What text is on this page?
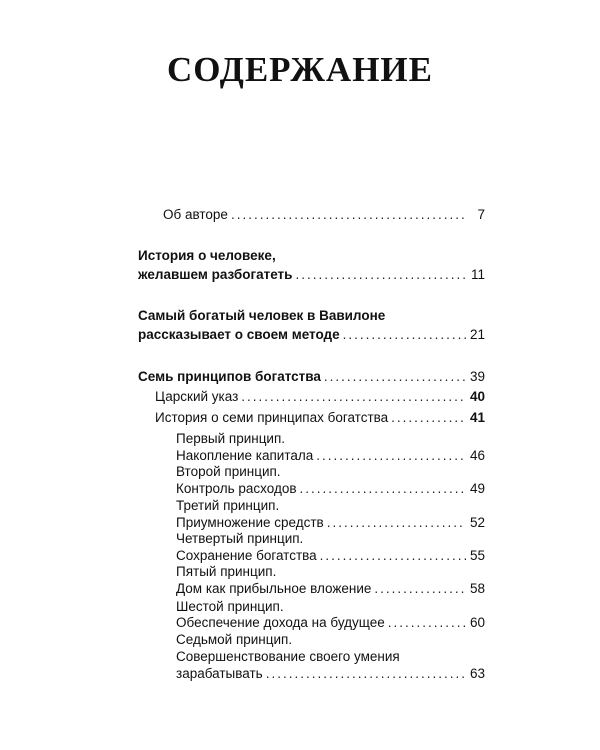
СОДЕРЖАНИЕ
Об авторе .....	7
История о человеке,
желавшем разбогатеть .....	11
Самый богатый человек в Вавилоне
рассказывает о своем методе .....	21
Семь принципов богатства .....	39
Царский указ .....	40
История о семи принципах богатства .....	41
Первый принцип.
Накопление капитала .....	46
Второй принцип.
Контроль расходов .....	49
Третий принцип.
Приумножение средств .....	52
Четвертый принцип.
Сохранение богатства .....	55
Пятый принцип.
Дом как прибыльное вложение .....	58
Шестой принцип.
Обеспечение дохода на будущее .....	60
Седьмой принцип.
Совершенствование своего умения
зарабатывать .....	63
